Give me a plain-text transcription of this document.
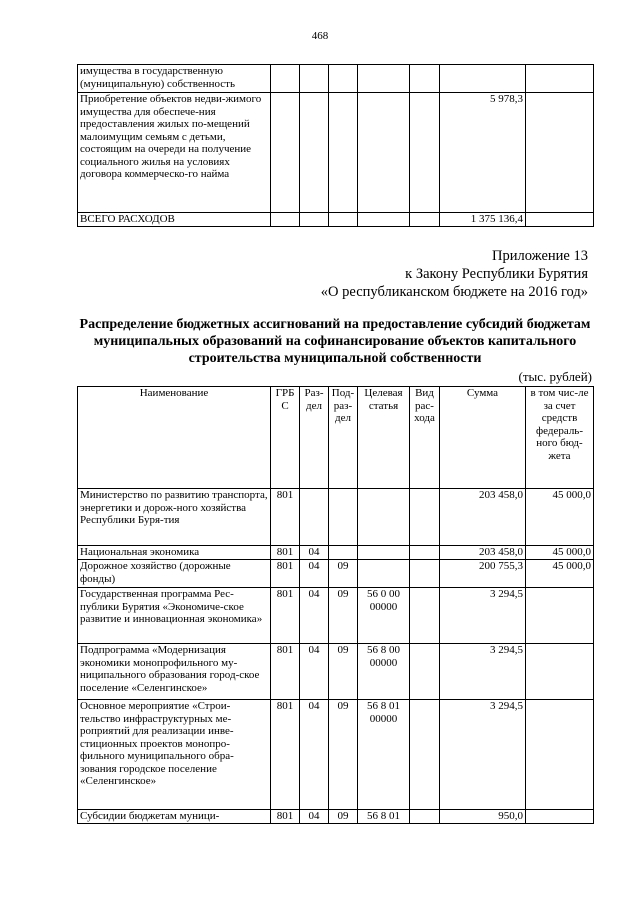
468
имущества в государственную (муниципальную) собственность							
Приобретение объектов недви-жимого имущества для обеспече-ния предоставления жилых по-мещений малоимущим семьям с детьми, состоящим на очереди на получение социального жилья на условиях договора коммерческо-го найма						5 978,3	
ВСЕГО РАСХОДОВ						1 375 136,4	
Приложение 13
к Закону Республики Бурятия
«О республиканском бюджете на 2016 год»
Распределение бюджетных ассигнований на предоставление субсидий бюджетам муниципальных образований на софинансирование объектов капитального строительства муниципальной собственности
(тыс. рублей)
Наименование	ГРБС	Раз-дел	Под-раз-дел	Целевая статья	Вид рас-хода	Сумма	в том чис-ле за счет средств федераль-ного бюд-жета
Министерство по развитию транспорта, энергетики и дорож-ного хозяйства Республики Буря-тия	801					203 458,0	45 000,0
Национальная экономика	801	04				203 458,0	45 000,0
Дорожное хозяйство (дорожные фонды)	801	04	09			200 755,3	45 000,0
Государственная программа Рес-публики Бурятия «Экономиче-ское развитие и инновационная экономика»	801	04	09	56 0 00 00000		3 294,5	
Подпрограмма «Модернизация экономики монопрофильного му-ниципального образования город-ское поселение «Селенгинское»	801	04	09	56 8 00 00000		3 294,5	
Основное мероприятие «Строи-тельство инфраструктурных ме-роприятий для реализации инве-стиционных проектов монопро-фильного муниципального обра-зования городское поселение «Селенгинское»	801	04	09	56 8 01 00000		3 294,5	
Субсидии бюджетам муници-	801	04	09	56 8 01		950,0	
